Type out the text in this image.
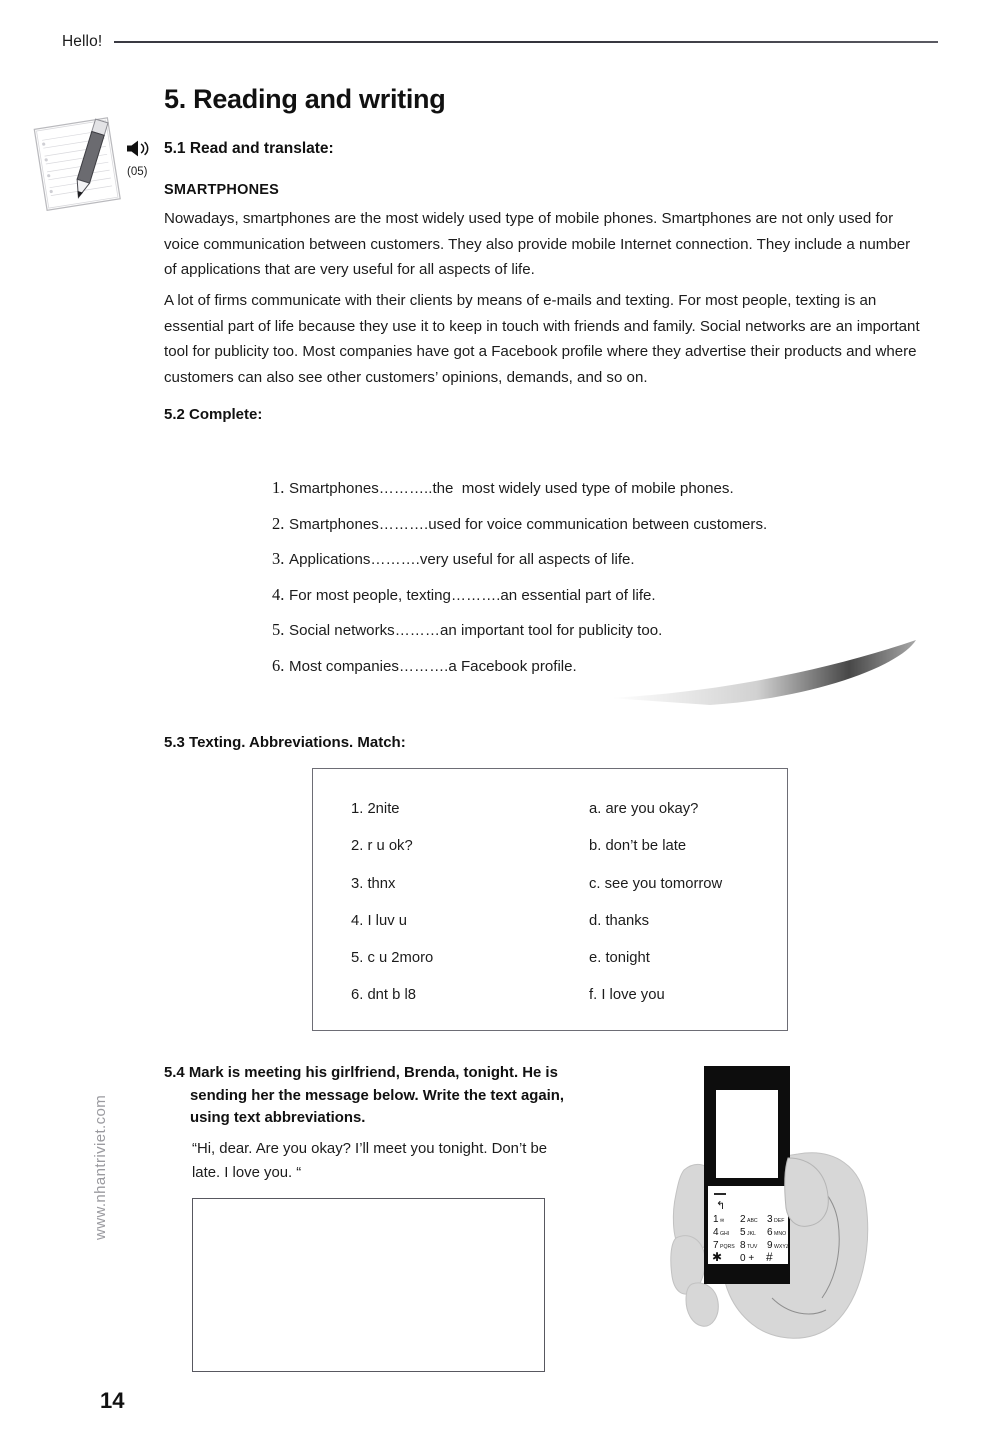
Hello!
(05)
5. Reading and writing
5.1 Read and translate:
SMARTPHONES
Nowadays, smartphones are the most widely used type of mobile phones. Smartphones are not only used for voice communication between customers. They also provide mobile Internet connection. They include a number of applications that are very useful for all aspects of life.
A lot of firms communicate with their clients by means of e-mails and texting. For most people, texting is an essential part of life because they use it to keep in touch with friends and family. Social networks are an important tool for publicity too. Most companies have got a Facebook profile where they advertise their products and where customers can also see other customers’ opinions, demands, and so on.
5.2 Complete:
1. Smartphones………..the  most widely used type of mobile phones.
2. Smartphones……….used for voice communication between customers.
3. Applications……….very useful for all aspects of life.
4. For most people, texting……….an essential part of life.
5. Social networks………an important tool for publicity too.
6. Most companies……….a Facebook profile.
5.3 Texting. Abbreviations. Match:
1. 2nite	a. are you okay?
2. r u ok?	b. don’t be late
3. thnx	c. see you tomorrow
4. I luv u	d. thanks
5. c u 2moro	e. tonight
6. dnt b l8	f. I love you
5.4 Mark is meeting his girlfriend, Brenda, tonight. He is sending her the message below. Write the text again, using text abbreviations.
“Hi, dear. Are you okay? I’ll meet you tonight. Don’t be late. I love you. “
↰
1 2 3
4 5 6
7 8 9
✱ 0 + #
✉	ABC	DEF
GHI	JKL	MNO
PQRS TUV	WXYZ
www.nhantriviet.com
14
